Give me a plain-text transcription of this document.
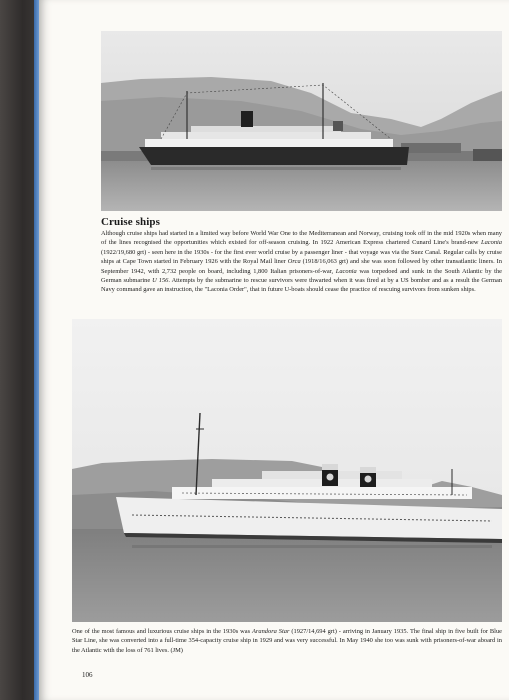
Cruise ships

Although cruise ships had started in a limited way before World War One to the Mediterranean and Norway, cruising took off in the mid 1920s when many of the lines recognised the opportunities which existed for off-season cruising. In 1922 American Express chartered Cunard Line's brand-new Laconia (1922/19,680 grt) - seen here in the 1930s - for the first ever world cruise by a passenger liner - that voyage was via the Suez Canal. Regular calls by cruise ships at Cape Town started in February 1926 with the Royal Mail liner Orca (1918/16,063 grt) and she was soon followed by other transatlantic liners. In September 1942, with 2,732 people on board, including 1,800 Italian prisoners-of-war, Laconia was torpedoed and sunk in the South Atlantic by the German submarine U 156. Attempts by the submarine to rescue survivors were thwarted when it was fired at by a US bomber and as a result the German Navy command gave an instruction, the "Laconia Order", that in future U-boats should cease the practice of rescuing survivors from sunken ships.

One of the most famous and luxurious cruise ships in the 1930s was Arandora Star (1927/14,694 grt) - arriving in January 1935. The final ship in five built for Blue Star Line, she was converted into a full-time 354-capacity cruise ship in 1929 and was very successful. In May 1940 she too was sunk with prisoners-of-war aboard in the Atlantic with the loss of 761 lives. (JM)

106
